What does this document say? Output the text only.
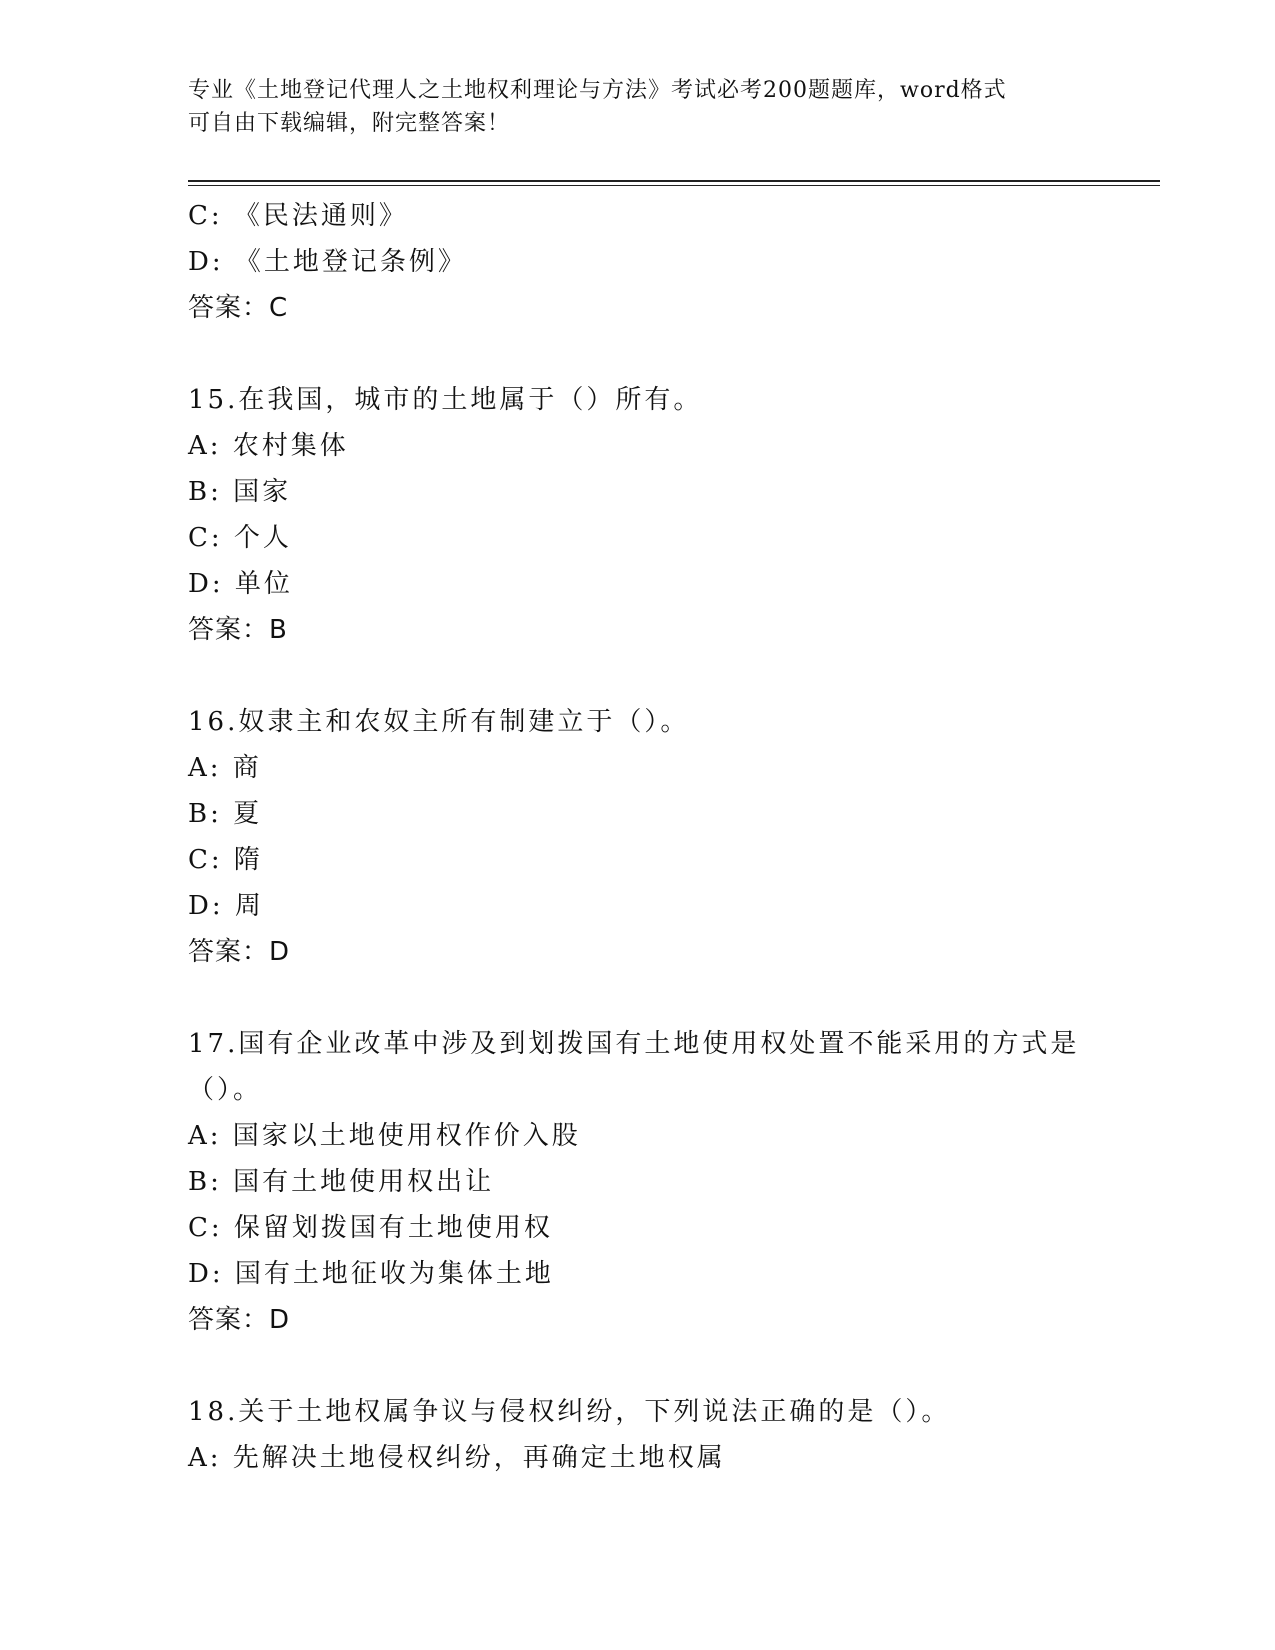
专业《土地登记代理人之土地权利理论与方法》考试必考200题题库，word格式
可自由下载编辑，附完整答案！
C: 《民法通则》
D: 《土地登记条例》
答案：C
15.在我国，城市的土地属于（）所有。
A: 农村集体
B: 国家
C: 个人
D: 单位
答案：B
16.奴隶主和农奴主所有制建立于（）。
A: 商
B: 夏
C: 隋
D: 周
答案：D
17.国有企业改革中涉及到划拨国有土地使用权处置不能采用的方式是
（）。
A: 国家以土地使用权作价入股
B: 国有土地使用权出让
C: 保留划拨国有土地使用权
D: 国有土地征收为集体土地
答案：D
18.关于土地权属争议与侵权纠纷，下列说法正确的是（）。
A: 先解决土地侵权纠纷，再确定土地权属
